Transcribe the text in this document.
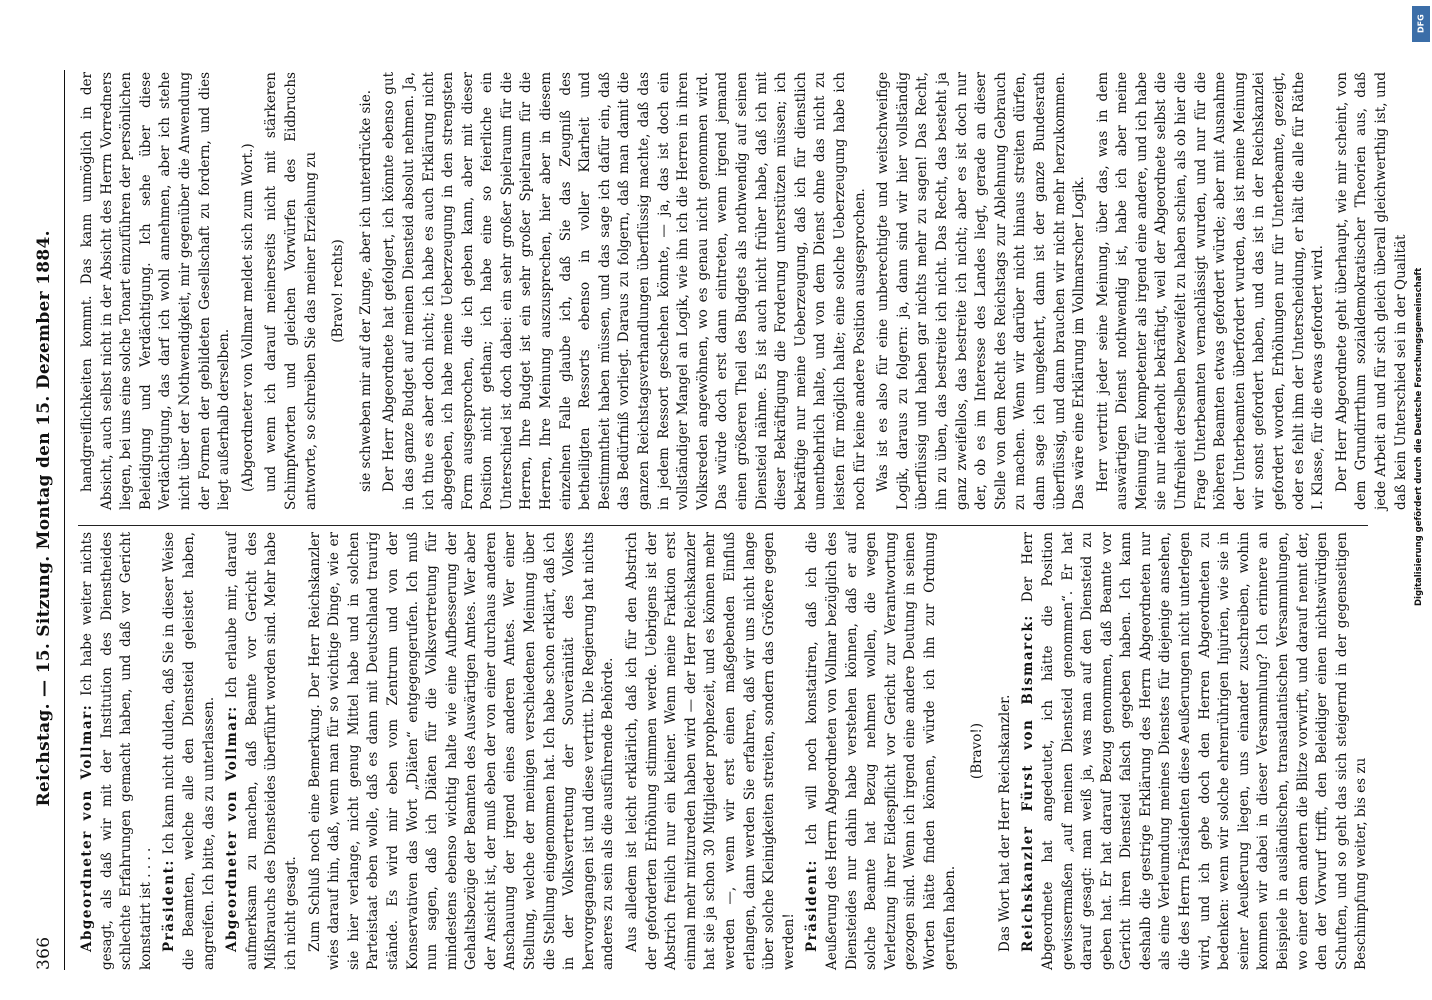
366
Reichstag. — 15. Sitzung. Montag den 15. Dezember 1884.

Abgeordneter von Vollmar: Ich habe weiter nichts gesagt, als daß wir mit der Institution des Dienstheides schlechte Erfahrungen gemacht haben, und daß vor Gericht konstatirt ist . . . . Präsident: Ich kann nicht dulden, daß Sie in dieser Weise die Beamten, welche alle den Diensteid geleistet haben, angreifen. Ich bitte, das zu unterlassen. Abgeordneter von Vollmar: Ich erlaube mir, darauf aufmerksam zu machen, daß Beamte vor Gericht des Mißbrauchs des Diensteides überführt worden sind. Mehr habe ich nicht gesagt. Zum Schluß noch eine Bemerkung. Der Herr Reichskanzler wies darauf hin, daß, wenn man für so wichtige Dinge, wie er sie hier verlange, nicht genug Mittel habe und in solchen Parteistaat eben wolle, daß es dann mit Deutschland traurig stände. Es wird mir eben vom Zentrum und von der Konservativen das Wort „Diäten“ entgegengerufen. Ich muß nun sagen, daß ich Diäten für die Volksvertretung für mindestens ebenso wichtig halte wie eine Aufbesserung der Gehaltsbezüge der Beamten des Auswärtigen Amtes. Wer aber der Ansicht ist, der muß eben der von einer durchaus anderen Anschauung der irgend eines anderen Amtes. Wer einer Stellung, welche der meinigen verschiedenen Meinung über die Stellung eingenommen hat. Ich habe schon erklärt, daß ich in der Volksvertretung der Souveränität des Volkes hervorgegangen ist und diese vertritt. Die Regierung hat nichts anderes zu sein als die ausführende Behörde. Aus alledem ist leicht erklärlich, daß ich für den Abstrich der geforderten Erhöhung stimmen werde. Uebrigens ist der Abstrich freilich nur ein kleiner. Wenn meine Fraktion erst einmal mehr mitzureden haben wird — der Herr Reichskanzler hat sie ja schon 30 Mitglieder prophezeit, und es können mehr werden —, wenn wir erst einen maßgebenden Einfluß erlangen, dann werden Sie erfahren, daß wir uns nicht lange über solche Kleinigkeiten streiten, sondern das Größere gegen werden! Präsident: Ich will noch konstatiren, daß ich die Aeußerung des Herrn Abgeordneten von Vollmar bezüglich des Diensteides nur dahin habe verstehen können, daß er auf solche Beamte hat Bezug nehmen wollen, die wegen Verletzung ihrer Eidespflicht vor Gericht zur Verantwortung gezogen sind. Wenn ich irgend eine andere Deutung in seinen Worten hätte finden können, würde ich ihn zur Ordnung gerufen haben.

(Bravo!) Das Wort hat der Herr Reichskanzler. Reichskanzler Fürst von Bismarck: Der Herr Abgeordnete hat angedeutet, ich hätte die Position gewissermaßen „auf meinen Diensteid genommen“. Er hat darauf gesagt: man weiß ja, was man auf den Diensteid zu geben hat. Er hat darauf Bezug genommen, daß Beamte vor Gericht ihren Diensteid falsch gegeben haben. Ich kann deshalb die gestrige Erklärung des Herrn Abgeordneten nur als eine Verleumdung meines Dienstes für diejenige ansehen, die des Herrn Präsidenten diese Aeußerungen nicht unterlegen wird, und ich gebe doch den Herren Abgeordneten zu bedenken: wenn wir solche ehrenrührigen Injurien, wie sie in seiner Aeußerung liegen, uns einander zuschreiben, wohin kommen wir dabei in dieser Versammlung? Ich erinnere an Beispiele in ausländischen, transatlantischen Versammlungen, wo einer dem andern die Blitze vorwirft, und darauf nennt der, den der Vorwurf trifft, den Beleidiger einen nichtswürdigen Schuften, und so geht das sich steigernd in der gegenseitigen Beschimpfung weiter, bis es zu

handgreiflichkeiten kommt. Das kann unmöglich in der Absicht, auch selbst nicht in der Absicht des Herrn Vorredners liegen, bei uns eine solche Tonart einzuführen der persönlichen Beleidigung und Verdächtigung. Ich sehe über diese Verdächtigung, das darf ich wohl annehmen, aber ich stehe nicht über der Nothwendigkeit, mir gegenüber die Anwendung der Formen der gebildeten Gesellschaft zu fordern, und dies liegt außerhalb derselben. (Abgeordneter von Vollmar meldet sich zum Wort.) und wenn ich darauf meinerseits nicht mit stärkeren Schimpfworten und gleichen Vorwürfen des Eidbruchs antworte, so schreiben Sie das meiner Erziehung zu (Bravo! rechts) sie schweben mir auf der Zunge, aber ich unterdrücke sie. Der Herr Abgeordnete hat gefolgert, ich könnte ebenso gut in das ganze Budget auf meinen Diensteid absolut nehmen. Ja, ich thue es aber doch nicht; ich habe es auch Erklärung nicht abgegeben, ich habe meine Ueberzeugung in den strengsten Form ausgesprochen, die ich geben kann, aber mit dieser Position nicht gethan; ich habe eine so feierliche ein Unterschied ist doch dabei: ein sehr großer Spielraum für die Herren, Ihre Budget ist ein sehr großer Spielraum für die Herren, Ihre Meinung auszusprechen, hier aber in diesem einzelnen Falle glaube ich, daß Sie das Zeugniß des betheiligten Ressorts ebenso in voller Klarheit und Bestimmtheit haben müssen, und das sage ich dafür ein, daß das Bedürfniß vorliegt. Daraus zu folgern, daß man damit die ganzen Reichstagsverhandlungen überflüssig machte, daß das in jedem Ressort geschehen könnte, — ja, das ist doch ein vollständiger Mangel an Logik, wie ihn ich die Herren in ihren Volksreden angewöhnen, wo es genau nicht genommen wird. Das würde doch erst dann eintreten, wenn irgend jemand einen größeren Theil des Budgets als nothwendig auf seinen Diensteid nähme. Es ist auch nicht früher habe, daß ich mit dieser Bekräftigung die Forderung unterstützen müssen; ich bekräftige nur meine Ueberzeugung, daß ich für dienstlich unentbehrlich halte, und von dem Dienst ohne das nicht zu leisten für möglich halte; eine solche Ueberzeugung habe ich noch für keine andere Position ausgesprochen. Was ist es also für eine unberechtigte und weitschweifige Logik, daraus zu folgern: ja, dann sind wir hier vollständig überflüssig und haben gar nichts mehr zu sagen! Das Recht, ihn zu üben, das bestreite ich nicht. Das Recht, das besteht ja ganz zweifellos, das bestreite ich nicht; aber es ist doch nur der, ob es im Interesse des Landes liegt, gerade an dieser Stelle von dem Recht des Reichstags zur Ablehnung Gebrauch zu machen. Wenn wir darüber nicht hinaus streiten dürfen, dann sage ich umgekehrt, dann ist der ganze Bundesrath überflüssig, und dann brauchen wir nicht mehr herzukommen. Das wäre eine Erklärung im Vollmarscher Logik. Herr vertritt jeder seine Meinung, über das, was in dem auswärtigen Dienst nothwendig ist, habe ich aber meine Meinung für kompetenter als irgend eine andere, und ich habe sie nur niederholt bekräftigt, weil der Abgeordnete selbst die Unfreiheit derselben bezweifelt zu haben schien, als ob hier die Frage Unterbeamten vernachlässigt wurden, und nur für die höheren Beamten etwas gefordert würde; aber mit Ausnahme der Unterbeamten überfordert wurden, das ist meine Meinung wir sonst gefordert haben, und das ist in der Reichskanzlei gefordert worden, Erhöhungen nur für Unterbeamte, gezeigt, oder es fehlt ihm der Unterscheidung, er hält die alle für Räthe I. Klasse, für die etwas gefordert wird. Der Herr Abgeordnete geht überhaupt, wie mir scheint, von dem Grundirrthum sozialdemokratischer Theorien aus, daß jede Arbeit an und für sich gleich überall gleichwerthig ist, und daß kein Unterschied sei in der Qualität

DFG
Digitalisierung gefördert durch die Deutsche Forschungsgemeinschaft
